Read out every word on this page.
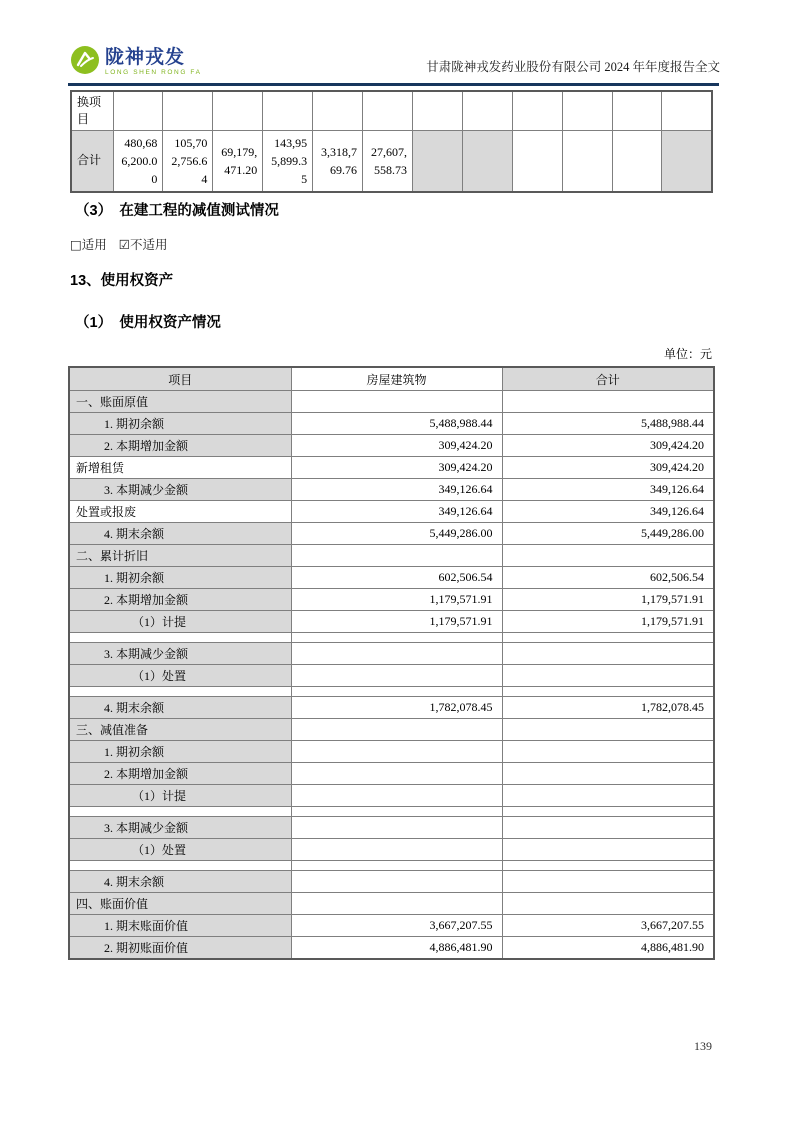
陇神戎发
LONG SHEN RONG FA	甘肃陇神戎发药业股份有限公司 2024 年年度报告全文
换项目												
合计	480,686,200.00	105,702,756.64	69,179,471.20	143,955,899.35	3,318,769.76	27,607,558.73						
（3）　在建工程的减值测试情况
□适用 ☑不适用
13、使用权资产
（1）　使用权资产情况
单位：元
项目	房屋建筑物	合计
一、账面原值		
1. 期初余额	5,488,988.44	5,488,988.44
2. 本期增加金额	309,424.20	309,424.20
新增租赁	309,424.20	309,424.20
3. 本期减少金额	349,126.64	349,126.64
处置或报废	349,126.64	349,126.64
4. 期末余额	5,449,286.00	5,449,286.00
二、累计折旧		
1. 期初余额	602,506.54	602,506.54
2. 本期增加金额	1,179,571.91	1,179,571.91
（1）计提	1,179,571.91	1,179,571.91

3. 本期减少金额		
（1）处置		

4. 期末余额	1,782,078.45	1,782,078.45
三、减值准备		
1. 期初余额		
2. 本期增加金额		
（1）计提		

3. 本期减少金额		
（1）处置		

4. 期末余额		
四、账面价值		
1. 期末账面价值	3,667,207.55	3,667,207.55
2. 期初账面价值	4,886,481.90	4,886,481.90
139
